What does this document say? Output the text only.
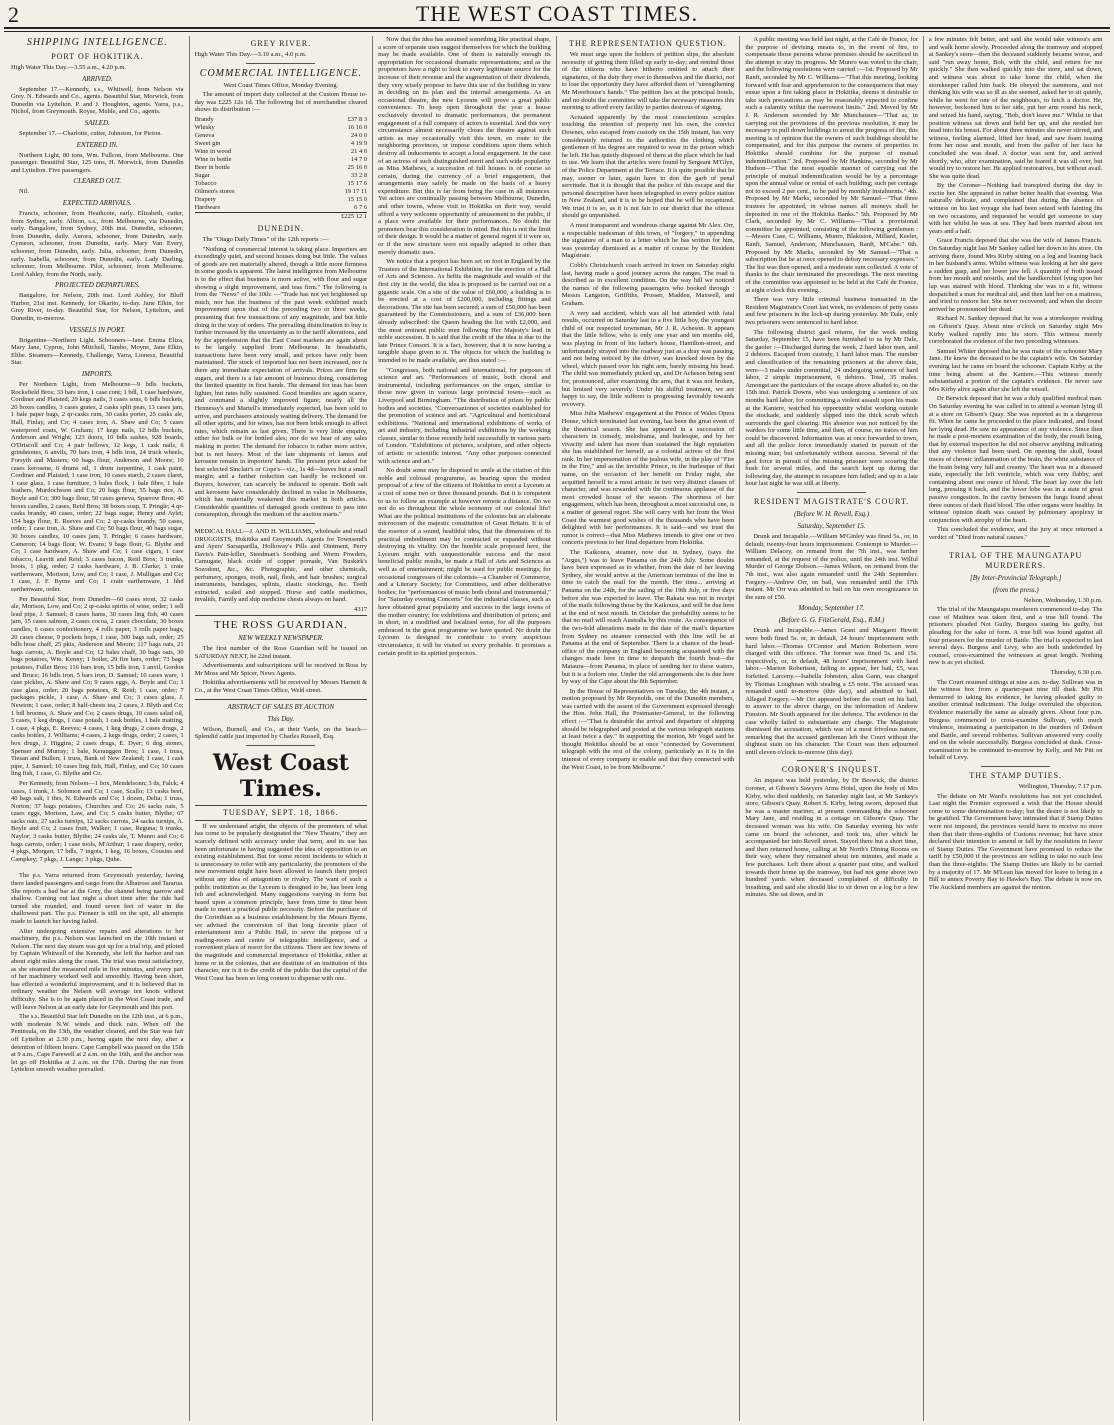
2	THE WEST COAST TIMES.
SHIPPING INTELLIGENCE.
PORT OF HOKITIKA.

High Water This Day.—3.55 a.m., 4.20 p.m.

ARRIVED.

September 17.—Kennedy, s.s., Whitwell, from Nelson via Grey. N. Edwards and Co., agents. Beautiful Star, Morwick, from Dunedin via Lyttelton. P. and J. Houghton, agents. Yarra, p.s., Nichol, from Greymouth. Royse, Muhle, and Co., agents.

SAILED.

September 17.—Charlotte, cutter, Johnston, for Picton.

ENTERED IN.

Northern Light, 80 tons, Wm. Fullcon, from Melbourne. One passenger. Beautiful Star, 125 tons, H. Morwick, from Dunedin and Lyttelton. Five passengers.

CLEARED OUT.

Nil.

EXPECTED ARRIVALS.

Francis, schooner, from Heathcote, early. Elizabeth, cutter, from Sydney, early. Albion, s.s., from Melbourne, via Dunedin, early. Bangalore, from Sydney, 20th inst. Dunedin, schooner, from Dunedin, daily. Aurora, schooner, from Dunedin, early. Cymeon, schooner, from Dunedin, early. Mary Van Every, schooner, from Dunedin, early. Julia, schooner, from Dunedin, early. Isabella, schooner, from Dunedin, early. Lady Darling, schooner, from Melbourne. Pilot, schooner, from Melbourne. Lord Ashley, from the North, early.

PROJECTED DEPARTURES.

Bangalore, for Nelson, 20th inst. Lord Ashley, for Bluff Harbor, 21st inst. Kennedy, for Okarito, to-day. Jane Elkin, for Grey River, to-day. Beautiful Star, for Nelson, Lyttelton, and Dunedin, to-morrow.

VESSELS IN PORT.

Brigantine—Northern Light. Schooners—Jane. Emma Eliza, Mary Jane, Cyprus, John Mitchell, Tambo, Moyne, Jane Elkin, Elibe. Steamers—Kennedy, Challenge, Yarra, Lioness, Beautiful Star.

IMPORTS.

Per Northern Light, from Melbourne—9 bdls buckets, Rocksfield Bros; 33 bars iron, 1 case cont; 1 bdl, 1 case hardware, Cordiner and Plaisted; 20 kegs nails, 3 cases sons, 6 bdls buckets, 20 boxes candles, 3 cases grates, 2 casks split peas, 13 cases jam, 1 bale paper bags, 2 qr-casks rum, 30 casks porter, 25 casks ale, Hall, Finlay, and Co; 4 cases iron, A. Shaw and Co; 5 cases waterproof coats, W. Graham; 17 kegs nails, 12 bdls buckets, Anderson and Wright; 123 doors, 10 bdls sashes, 928 boards, O'Driscoll and Co; 4 pair bellows, 12 kegs, 1 cask nails, 6 grindstones, 6 anvils, 70 bars iron, 4 bdls iron, 24 truck wheels, Forsyth and Masters; 60 bags flour, Anderson and Moore; 10 cases kerosene, 6 drums oil, 1 drum turpentine, 1 cask paint, Cordiner and Plaisted; 1 case iron, 10 cases starch, 2 cases claret, 1 case glass, 1 case furniture, 3 bales flock, 1 bale fibre, 1 bale feathers, Murdochsson and Co; 20 bags flour, 55 bags rice, A. Boyle and Co; 300 bags flour, 50 cases geneva, Sparrow Bros; 40 boxes candles, 2 cases, Reid Bros; 38 boxes soap, T. Pringle; 4 qr-casks brandy, 40 cases, order; 22 bags sugar, Henry and Aylet; 154 bags flour, E. Reeves and Co; 2 qr-casks brandy, 50 cases, order; 1 case iron, A. Shaw and Co; 50 bags flour, 40 bags sugar, 30 boxes candles, 10 cases jam, T. Pringle; 6 cases hardware, Cameron; 14 bags flour, W. Evans; 9 bags flour, G. Blythe and Co; 1 case hardware, A. Shaw and Co; 1 case cigars, 1 case tobacco, Leavitt and Reid; 3 cases bacon, Reid Bros; 3 trunks, boots, 1 pkg, order; 2 casks hardware, J. B. Clarke; 1 crate earthenware, Morison, Low, and Co; 1 case, J. Mulligan and Co; 1 case, J. F. Byrne and Co; 1 crate earthenware, 1 hhd earthenware, order.

Per Beautiful Star, from Dunedin—60 cases stout, 32 casks ale, Morison, Low, and Co; 2 qr-casks spirits of wine, order; 1 sell lead pipe, J. Samuel; 8 cases hams, 30 cases ling fish, 40 cases jam, 15 cases salmon, 2 cases cocoa, 2 cases chocolate, 30 boxes candles, 6 cases confectionery, 4 rolls paper, 3 rolls paper bags, 20 cases cheese, 9 pockets hops, 1 case, 300 bags salt, order; 25 bdls hose chaff, 25 pkts, Anderson and Moore; 117 bags oats, 21 bags carrots, A. Boyle and Co; 12 bales chaff, 30 bags oats, 30 bags potatoes, Wm. Kenny; 1 boiler, 29 fire bars, order; 73 bags potatoes, Fuller Bros; 116 bars iron, 15 bdls iron, 1 anvil, Gordon and Bruce; 16 bdls iron, 5 bars iron, D. Samuel; 10 cases ware, 1 case pickles, A. Shaw and Co; 9 cases eggs, A. Boyle and Co; 1 case glass, order; 20 bags potatoes, R. Reid; 1 case, order; 7 packages pickle, 1 case, A. Shaw and Co; 3 cases glass, J. Newton; 1 case, order; 8 half-chests tea, 2 cases, J. Blyth and Co; 1 bdl brooms, A. Shaw and Co; 2 cases drugs, 10 cases salad oil, 5 cases, 1 keg drugs, 1 case potash, 1 cask bottles, 1 bale matting, 1 case, 4 pkgs, E. Reeves; 4 cases, 1 keg drugs, 2 cases drugs, 2 casks bottles, J. Williams; 4 cases, 2 kegs drugs, order; 2 cases, 1 box drugs, J. Higgins; 2 cases drugs, E. Dyer; 6 dog stones, Spenser and Murray; 1 bale, Kerauggen Bros; 1 case, 1 truss, Tiesan and Bullen; 1 truss, Bank of New Zealand; 1 case, 1 cask pipe, J. Samuel; 10 cases ling fish, Hall, Finlay, and Co; 10 cases ling fish, 1 case, G. Blythe and Co.

Per Kennedy, from Nelson—1 box, Mendelsonn; 3 ds, Falck; 4 cases, 1 trunk, J. Solomon and Co; 1 case, Scallo; 13 casks beef, 40 bags salt, 1 thrs, N. Edwards and Co; 1 dozen, Delta; 1 truss, Norton; 37 bags potatoes, Churches and Co; 26 sacks oats, 5 cases eggs, Morison, Law, and Co; 5 casks butter, Blythe; 67 sacks oats, 27 sacks turnips, 12 sacks carrots, 24 sacks turnips, A. Boyle and Co; 2 cases fruit, Walker; 1 case, Reguna; 9 trunks, Naylor; 3 casks butter, Blythe; 24 casks ale, T. Munro and Co; 6 bags carrots, order; 1 case tools, M'Arthur; 1 case drapery, order; 4 pkgs, Morgan; 17 bdls, 7 ingots, 1 keg, 16 boxes, Cousins and Campkey; 7 pkgs, J. Lange; 3 pkgs, Quhe.

The p.s. Yarra returned from Greymouth yesterday, having there landed passengers and cargo from the Albatross and Tararua. She reports a bad bar at the Grey, the channel being narrow and shallow. Coming out last night a short time after the tide had turned she rounded, and found seven feet of water in the shallowest part. The p.s. Pioneer is still on the spit, all attempts made to launch her having failed.

After undergoing extensive repairs and alterations to her machinery, the p.s. Nelson was launched on the 10th instant at Nelson. The next day steam was got up for a trial trip, and piloted by Captain Whitwell of the Kennedy, she left the harbor and ran about eight miles along the coast. The trial was most satisfactory, as she steamed the measured mile in five minutes, and every part of her machinery worked well and smoothly. Having been short, has effected a wonderful improvement, and it is believed that in ordinary weather the Nelson will average ten knots without difficulty. She is to be again placed in the West Coast trade, and will leave Nelson at an early date for Greymouth and this port.

The s.s. Beautiful Star left Dunedin on the 12th inst., at 6 p.m., with moderate N.W. winds and thick rain. When off the Peninsula, on the 13th, the weather cleared, and the Star was fair off Lyttelton at 2.30 p.m., having again the next day, after a detention of fifteen hours. Cape Campbell was passed on the 15th at 9 a.m., Cape Farewell at 2 a.m. on the 16th, and the anchor was let go off Hokitika at 2 a.m. on the 17th. During the run from Lyttelton smooth weather prevailed.

GREY RIVER.

High Water This Day.—3.10 a.m., 4.0 p.m.

COMMERCIAL INTELLIGENCE.

West Coast Times Office, Monday Evening.

The amount of import duty collected at the Custom House to-day was £225 12s 1d. The following list of merchandise cleared shows its distribution :—

Brandy	£37 8 3
Whisky	16 16 0
Geneva	24 0 0
Sweet gin	4 19 9
Wine in wood	21 4 0
Wine in bottle	14 7 0
Beer in bottle	25 16 0
Sugar	33 2 8
Tobacco	15 17 6
Oilmen's stores	19 17 11
Drapery	15 15 0
Hardware	6 7 6
	£225 12 1
DUNEDIN.

The "Otago Daily Times" of the 12th reports :—

"Nothing of commercial interest is taking place. Importers are exceedingly quiet, and second houses doing but little. The values of goods are not materially altered, though a little more firmness in some goods is apparent. The latest intelligence from Melbourne is to the effect that business is more active, with flour and sugar showing a slight improvement, and teas firm." The following is from the "News" of the 10th: —"Trade has not yet brightened up much, nor has the business of the past week exhibited much improvement upon that of the preceding two or three weeks, presuming that few transactions of any magnitude, and but little doing in the way of orders. The prevailing disinclination to buy is further increased by the uncertainty as to the tariff alterations, and by the apprehension that the East Coast markets are again about to be largely supplied from Melbourne. In breadstuffs, transactions have been very small, and prices have only been maintained. The stock of imported has not been increased, nor is there any immediate expectation of arrivals. Prices are firm for sugars, and there is a fair amount of business doing, considering the limited quantity in first hands. The demand for teas has been lighter, but rates fully sustained. Good brandies are again scarce, and command a slightly improved figure; nearly all the Hennessy's and Martell's immediately expected, has been sold to arrive, and purchasers anxiously waiting delivery. The demand for all other spirits, and for wines, has not been brisk enough to affect rates, which remain as last given. There is very little enquiry, either for bulk or for bottled ales; nor do we hear of any sales making in porter. The demand for tobacco is rather more active, but is not heavy. Most of the late shipments of lamos and kerosene remain in importers' hands. The present price asked for best selected Sinclair's or Cope's—viz., 1s 4d—leaves but a small margin; and a further reduction can hardly be reckoned on. Buyers, however, can scarcely be induced to operate. Both salt and kerosene have considerably declined in value in Melbourne, which has materially weakened this market in both articles. Considerable quantities of damaged goods continue to pass into consumption, through the medium of the auction marts."

MEDICAL HALL—J. AND H. WILLIAMS, wholesale and retail DRUGGISTS, Hokitika and Greymouth. Agents for Townsend's and Ayers' Sarsaparilla, Holloway's Pills and Ointment, Perry Davis's Pain-killer, Steedman's Soothing and Worm Powders, Camugate, black oxide of copper pomade, Van Buskirk's Sozodont, &c., &c. Photographic, and other chemicals, perfumery, sponges, tooth, nail, flesh, and hair brushes; surgical instruments, bandages, splints, elastic stockings, &c. Teeth extracted, scaled and stopped. Horse and cattle medicines, invalids, Family and ship medicine chests always on hand.

4317

THE ROSS GUARDIAN.
NEW WEEKLY NEWSPAPER.

The first number of the Ross Guardian will be issued on SATURDAY NEXT, he 22nd instant.

Advertisements and subscriptions will be received in Ross by Mr Moss and Mr Spicer, News Agents.

Hokitika advertisements will be received by Messrs Harnett & Co., at the West Coast Times Office, Weld street.

ABSTRACT OF SALES BY AUCTION
This Day.

Wilson, Burnell, and Co., at their Yards, on the beach—Splendid cattle just imported by Charles Russell, Esq.

West Coast Times.
TUESDAY, SEPT. 18, 1866.

If we understand aright, the objects of the promoters of what has come to be popularly designated the "New Theatre," they are scarcely defined with accuracy under that term, and its use has been unfortunate in having suggested the idea of opposition to an existing establishment. But for some recent incidents to which it is unnecessary to refer with any particularity, the promoters of the new movement might have been allowed to launch their project without any idea of antagonism or rivalry. The want of such a public institution as the Lyceum is designed to be, has been long felt and acknowledged. Many suggestions varying in form but based upon a common principle, have from time to time been made to meet a practical public necessity. Before the purchase of the Corinthian as a business establishment by the Messrs Byrne, we advised the conversion of that long favorite place of entertainment into a Public Hall, to serve the purpose of a reading-room and centre of telegraphic intelligence, and a convenient place of resort for the citizens. There are few towns of the magnitude and commercial importance of Hokitika, either at home or in the colonies, that are destitute of an institution of this character, nor is it to the credit of the public that the capital of the West Coast has been so long content to dispense with one.

Now that the idea has assumed something like practical shape, a score of separate uses suggest themselves for which the building may be made available. One of them is naturally enough its appropriation for occasional dramatic representations; and as the proprietors have a right to look to every legitimate source for the increase of their revenue and the augmentation of their dividends, they very wisely propose to have this use of the building in view in deciding on its plan and the internal arrangements. As an occasional theatre, the new Lyceum will prove a great public convenience. To keep open throughout the year a house exclusively devoted to dramatic performances, the permanent engagement of a full company of actors is essential. And this very circumstance almost necessarily closes the theatre against such artists as may occasionally visit this town, en route to the neighboring provinces, or impose conditions upon them which destroy all inducements to accept a local engagement. In the case of an actress of such distinguished merit and such wide popularity as Miss Mathews, a succession of full houses is of course so certain, during the currency of a brief engagement, that arrangements may safely be made on the basis of a heavy expenditure. But this is far from being the case in all instances. Yet actors are continually passing between Melbourne, Dunedin, and other towns, whose visit to Hokitika on their way, would afford a very welcome opportunity of amusement to the public, if a place were available for their performances. No doubt the promoters bear this consideration in mind. But this is not the limit of their design. It would be a matter of general regret if it were so, or if the new structure were not equally adapted to other than merely dramatic uses.

We notice that a project has been set on foot in England by the Trustees of the International Exhibition, for the erection of a Hall of Arts and Sciences. As befits the magnitude and wealth of the first city in the world, the idea is proposed to be carried out on a gigantic scale. On a site of the value of £60,000, a building is to be erected at a cost of £200,000, including fittings and decorations. The site has been secured; a sum of £50,000 has been guaranteed by the Commissioners, and a sum of £36,000 been already subscribed: the Queen heading the list with £2,000, and the most eminent public men following Her Majesty's lead in noble succession. It is said that the credit of the idea is due to the late Prince Consort. It is a fact, however, that it is now having a tangible shape given to it. The objects for which the building is intended to be made available, are thus stated :—

"Congresses, both national and international, for purposes of science and art. "Performances of music, both choral and instrumental, including performances on the organ, similar to those now given in various large provincial towns—such as Liverpool and Birmingham. "The distribution of prizes by public bodies and societies. "Conversaziones of societies established for the promotion of science and art. "Agricultural and horticultural exhibitions. "National and international exhibitions of works of art and industry, including industrial exhibitions by the working classes, similar to those recently held successfully in various parts of London. "Exhibitions of pictures, sculpture, and other objects of artistic or scientific interest. "Any other purposes connected with science and art."

No doubt some may be disposed to smile at the citation of this noble and colossal programme, as bearing upon the modest proposal of a few of the citizens of Hokitika to erect a Lyceum at a cost of some two or three thousand pounds. But it is competent to us to follow an example at however remote a distance. Do we not do so throughout the whole economy of our colonial life? What are the political institutions of the colonies but an elaborate microcosm of the majestic constitution of Great Britain. It is of the essence of a sound, healthful idea, that the dimensions of its practical embodiment may be contracted or expanded without destroying its vitality. On the humble scale proposed here, the Lyceum might with unquestionable success and the most beneficial public results, be made a Hall of Arts and Sciences as well as of entertainment; might be used for public meetings; for occasional congresses of the colonists—a Chamber of Commerce, and a Literary Society; for Committees, and other deliberative bodies; for "performances of music both choral and instrumental," for "Saturday evening Concerts" for the industrial classes, such as have obtained great popularity and success in the large towns of the mother country; for exhibitions and distribution of prizes; and in short, in a modified and localised sense, for all the purposes embraced in the great programme we have quoted. No doubt the Lyceum is designed to contribute to every auspicious circumstance, it will be visited so every probable. It promises a certain profit to its spirited projectors.

THE REPRESENTATION QUESTION.

We must urge upon the holders of petition slips, the absolute necessity of getting them filled up early to-day; and remind those of the citizens who have hitherto omitted to attach their signatures, of the duty they owe to themselves and the district, not to lose the opportunity they have afforded them of "strengthening Mr Moorhouse's hands." The petition lies at the principal hotels, and no doubt the committee will take the necessary measures this morning to afford every facility to parties desirous of signing.

Actuated apparently by the most conscientious scruples touching the retention of property not his own, the convict Downes, who escaped from custody on the 15th instant, has very considerately returned to the authorities the clothing which gentlemen of his degree are required to wear in the prison which he left. He has quietly disposed of them at the place which he had to use. We learn that the articles were found by Sergeant M'Glyn, of the Police Department at the Terrace. It is quite possible that he may, sooner or later, again have to don the garb of penal servitude. But it is thought that the police of this escape and the personal description have been telegraphed to every police station in New Zealand, and it is to be hoped that he will be recaptured. We trust it is so, as it is not fair to our district that the offence should go unpunished.

A most transparent and wondrous charge against Mr Alex. Orr, a respectable tradesman of this town, of "forgery," in appending the signature of a man to a letter which he has written for him, was yesterday dismissed as a matter of course by the Resident Magistrate.

Cobb's Christchurch coach arrived in town on Saturday night last, having made a good journey across the ranges. The road is described as in excellent condition. On the way hill we noticed the names of the following passengers who booked through : Messrs Langston, Griffiths, Prosser, Madden, Maxwell, and Graham.

A very sad accident, which was all but attended with fatal results, occurred on Saturday last to a five little boy, the youngest child of our respected townsman, Mr J. R. Acheson. It appears that the little fellow, who is only one year and ten months old, was playing in front of his father's house, Hamilton-street, and unfortunately strayed into the roadway just as a dray was passing, and not being noticed by the driver, was knocked down by the wheel, which passed over his right arm, barely missing his head. The child was immediately picked up, and Dr Acheson being sent for, pronounced, after examining the arm, that it was not broken, but bruised very severely. Under his skilful treatment, we are happy to say, the little sufferer is progressing favorably towards recovery.

Miss Julia Mathews' engagement at the Prince of Wales Opera House, which terminated last evening, has been the great event of the theatrical season. She has appeared in a succession of characters in comedy, melodrama, and burlesque, and by her vivacity and talent has more than sustained the high reputation she has established for herself, as a colonial actress of the first rank. In her impersonation of the jealous wife, in the play of "Fire in the Fire," and as the invisible Prince, in the burlesque of that name, on the occasion of her benefit on Friday night, she acquitted herself to a most artistic in two very distinct classes of character, and was rewarded with the continuous applause of the most crowded house of the season. The shortness of her engagement, which has been, throughout a most successful one, is a matter of general regret. She will carry with her from the West Coast the warmest good wishes of the thousands who have been delighted with her performances. It is said—and we trust the rumor is correct—that Miss Mathews intends to give one or two concerts previous to her final departure from Hokitika.

The Kaikoura, steamer, now due in Sydney, (says the "Argus,") was to leave Panama on the 24th July. Some doubts have been expressed as to whether, from the date of her leaving Sydney, she would arrive at the American terminus of the line in time to catch the mail for the month. Her time... arriving at Panama on the 24th, for the sailing of the 19th July, or five days before she was expected to leave. The Rakaia was not in receipt of the mails following those by the Kaikoura, and will be due here at the end of next month. In October the probability seems to be that no mail will reach Australia by this route. As consequence of the two-fold alterations made in the date of the mail's departure from Sydney no steamer connected with this line will be at Panama at the end of September. There is a chance of the head-office of the company in England becoming acquainted with the changes made here in time to despatch the fourth boat—the Mataura—from Panama, in place of sending her to these waters, but it is a forlorn one. Under the old arrangements she is due here by way of the Cape about the 8th September.

In the House of Representatives on Tuesday, the 4th instant, a motion proposed by Mr Reynolds, one of the Dunedin members, was carried with the assent of the Government expressed through the Hon. John Hall, the Postmaster-General, to the following effect :—"That is desirable the arrival and departure of shipping should be telegraphed and posted at the various telegraph stations at least twice a day." In supporting the motion, Mr Vogel said he thought Hokitika should be at once "connected by Government telegraph with the rest of the colony, particularly as it is in the interest of every company to enable and that they connected with the West Coast, to be from Melbourne."

A public meeting was held last night, at the Café de France, for the purpose of devising means to, in the event of fire, to compensate those persons whose premises should be sacrificed in the attempt to stay its progress. Mr Munro was voted to the chair, and the following resolutions were carried :—1st. Proposed by Mr Ranft, seconded by Mr C. Williams—"That this meeting, looking forward with fear and apprehension to the consequences that may ensue upon a fire taking place in Hokitika, deems it desirable to take such precautions as may be reasonably expected to confine such a calamity within the narrowest limits." 2nd. Moved by Mr J. R. Anderson seconded by Mr Munchausen—"That as, in carrying out the provisions of the previous resolution, it may be necessary to pull down buildings to arrest the progress of fire, this meeting is of opinion that the owners of such buildings should be compensated, and for this purpose the owners of properties in Hokitika should combine for the purpose of mutual indemnification." 3rd. Proposed by Mr Hankins, seconded by Mr Hudson—"That the most equable manner of carrying out the principle of mutual indemnification would be by a percentage upon the annual value or rental of each building; such per centage not to exceed 2 per cent., to be paid by monthly instalments." 4th. Proposed by Mr Marks, seconded by Mr Samuel—"That three trustees be appointed, in whose names all moneys shall be deposited in one of the Hokitika Banks." 5th. Proposed by Mr Clark, seconded by Mr C. Williams—"That a provisional committee be appointed, consisting of the following gentlemen :—Messrs Case, C. Williams, Munro, Blakiston, Millard, Keeler, Ranft, Samuel, Anderson, Munchausen, Ranft, M'Cabe." 6th. Proposed by Mr Marks, seconded by Mr Samuel—"That a subscription list be at once opened to defray necessary expenses." The list was then opened, and a moderate sum collected. A vote of thanks to the chair terminated the proceedings. The next meeting of the committee was appointed to be held at the Café de France, at eight o'clock this evening.

There was very little criminal business transacted in the Resident Magistrate's Court last week, no evidences of petty cases and few prisoners in the lock-up during yesterday. Mr Dale, only two prisoners were sentenced to hard labor.

The following district gaol returns, for the week ending Saturday, September 15, have been furnished to us by Mr Dale, the gaoler :—Discharged during the week, 2 hard labor men, and 2 debtors. Escaped from custody, 1 hard labor man. The number and classification of the remaining prisoners at the above date, were—3 males under committal, 24 undergoing sentence of hard labor, 2 simple imprisonment, 6 debtors. Total, 35 males. Amongst are the particulars of the escape above alluded to, on the 15th inst. Patrick Downs, who was undergoing a sentence of six months hard labor, for committing a violent assault upon his mate at the Kaniere, watched his opportunity whilst working outside the stockade, and suddenly slipped into the thick scrub which surrounds the gaol clearing. His absence was not noticed by the warders for some little time, and then, of course, no traces of him could be discovered. Information was at once forwarded to town, and all the police force immediately started in pursuit of the missing man; but unfortunately without success. Several of the gaol force in pursuit of the missing prisoner were scouring the bush for several miles, and the search kept up during the following day, the attempt to recapture him failed; and up to a late hour last night he was still at liberty.

RESIDENT MAGISTRATE'S COURT.
(Before W. H. Revell, Esq.)
Saturday, September 15.

Drunk and Incapable.—William M'Ginley was fined 5s., or, in default, twenty-four hours imprisonment. Contempt to Murder.—William Delacey, on remand from the 7th inst., was further remanded, at the request of the police, until the 24th inst. Wilful Murder of George Dobson.—James Wilson, on remand from the 7th inst., was also again remanded until the 24th September. Forgery.—Andrew Orr, on bail, was remanded until the 17th instant. Mr Orr was admitted to bail on his own recognizance in the sum of £50.

Monday, September 17.
(Before G. G. FitzGerald, Esq., R.M.)

Drunk and Incapable.—James Grant and Margaret Hewitt were both fined 5s. or, in default, 24 hours' imprisonment with hard labor.—Thomas O'Connor and Marion Robertson were charged with this offence. The former was fined 5s. and 15s. respectively, or, in default, 48 hours' imprisonment with hard labor.—Marion Robertson, failing to appear, her bail, £5, was forfeited. Larceny.—Isabella Johnston, alias Gann, was charged by Thomas Loughnan with stealing a £5 note. The accused was remanded until to-morrow (this day), and admitted to bail. Alleged Forgery.—Mr Orr appeared before the court on his bail, to answer to the above charge, on the information of Andrew Funston. Mr South appeared for the defence. The evidence in the case wholly failed to substantiate any charge. The Magistrate dismissed the accusation, which was of a most frivolous nature, remarking that the accused gentleman left the Court without the slightest stain on his character. The Court was then adjourned until eleven o'clock to-morrow (this day).

CORONER'S INQUEST.

An inquest was held yesterday, by Dr Beswick, the district coroner, at Gibson's Sawyers Arms Hotel, upon the body of Mrs Kirby, who died suddenly, on Saturday night last, at Mr Sankey's store, Gibson's Quay. Robert S. Kirby, being sworn, deposed that he was a master mariner, at present commanding the schooner Mary Jane, and residing in a cottage on Gibson's Quay. The deceased woman was his wife. On Saturday evening his wife came on board the schooner, and took tea, after which he accompanied her into Revell street. Stayed there but a short time, and then returned home, calling at Mr North's Dining Rooms on their way, where they remained about ten minutes, and made a few purchases. Left there about a quarter past nine, and walked towards their home up the tramway, but had not gone above two hundred yards when deceased complained of difficulty in breathing, and said she should like to sit down on a log for a few minutes. She sat down, and in

a few minutes felt better, and said she would take witness's arm and walk home slowly. Proceeded along the tramway and stopped at Sankey's store—then the deceased suddenly became worse, and said "run away home, Bob, with the child, and return for me quickly." She then walked quickly into the store, and sat down, and witness was about to take home the child, when the storekeeper called him back. He obeyed the summons, and not thinking his wife was so ill as she seemed, asked her to sit quietly, while he went for one of the neighbours, to fetch a doctor. He, however, beckoned him to her side, put her arm round his neck, and seized his hand, saying, "Bob, don't leave me." Whilst in that position witness sat down and held her up, and she nestled her head into his breast. For about three minutes she never stirred, and witness, feeling alarmed, lifted her head, and saw foam issuing from her nose and mouth, and from the pallor of her face he concluded she was dead. A doctor was sent for, and arrived shortly, who, after examination, said he feared it was all over, but would try to restore her. He applied restoratives, but without avail. She was quite dead.

By the Coroner—Nothing had transpired during the day to excite her. She appeared in rather better health that evening. Was naturally delicate, and complained that during the absence of witness on his last voyage she had been seized with fainting fits on two occasions, and requested he would get someone to stay with her whilst he was at sea. They had been married about ten years and a half.

Grace Francis deposed that she was the wife of James Francis. On Saturday night last Mr Sankey called her down to his store. On arriving there, found Mrs Kirby sitting on a log and leaning back in her husband's arms. Whilst witness was looking at her she gave a sudden gasp, and her lower jaw fell. A quantity of froth issued from her mouth and nostrils, and the handkerchief lying upon her lap was stained with blood. Thinking she was in a fit, witness despatched a man for medical aid, and then laid her on a mattress, and tried to restore her. She never recovered; and when the doctor arrived he pronounced her dead.

Richard N. Sankey deposed that he was a storekeeper residing on Gibson's Quay. About nine o'clock on Saturday night Mrs Kirby walked rapidly into his store. This witness merely corroborated the evidence of the two preceding witnesses.

Samuel Whiter deposed that he was mate of the schooner Mary Jane. He knew the deceased to be the captain's wife. On Saturday evening last he came on board the schooner. Captain Kirby at the time being absent at the Kaniere.—This witness merely substantiated a portion of the captain's evidence. He never saw Mrs Kirby alive again after she left the vessel.

Dr Berwick deposed that he was a duly qualified medical man. On Saturday evening he was called in to attend a woman lying ill at a store on Gibson's Quay. She was reported as in a dangerous fit. When he came he proceeded to the place indicated, and found her lying dead. He saw no appearance of any violence. Since then he made a post-mortem examination of the body, the result being, that by external inspection he did not observe anything indicating that any violence had been used. On opening the skull, found traces of chronic inflammation of the brain, the white substance of the brain being very full and creamy. The heart was in a diseased state, especially the left ventricle, which was very flabby, and containing about one ounce of blood. The heart lay over the left lung, pressing it back, and the lower lobe was in a state of great passive congestion. In the cavity between the lungs found about three ounces of dark fluid blood. The other organs were healthy. In witness' opinion death was caused by pulmonary apoplexy in conjunction with atrophy of the heart.

This concluded the evidence, and the jury at once returned a verdict of "Died from natural causes."

TRIAL OF THE MAUNGATAPU MURDERERS.
[By Inter-Provincial Telegraph.]
(from the press.)

Nelson, Wednesday, 1.30 p.m.

The trial of the Maungatapu murderers commenced to-day. The case of Mathieu was taken first, and a true bill found. The prisoners pleaded Not Guilty, Burgess stating his guilty, but pleading for the sake of form. A true bill was found against all four prisoners for the murder of Battle. The trial is expected to last several days. Burgess and Levy, who are both undefended by counsel, cross-examined the witnesses at great length. Nothing new is as yet elicited.

Thursday, 6.30 p.m.

The Court resumed sittings at nine a.m. to-day. Sullivan was in the witness box from a quarter-past nine till dusk. Mr Pitt demurred to taking his evidence, he having pleaded guilty to another criminal indictment. The Judge overruled the objection. Evidence materially the same as already given. About four p.m. Burgess commenced to cross-examine Sullivan, with much virulence, insinuating a participation in the murders of Dobson and Battle, and several robberies. Sullivan answered very coolly and on the whole successfully. Burgess concluded at dusk. Cross-examination to be continued to-morrow by Kelly, and Mr Pitt on behalf of Levy.

THE STAMP DUTIES.

Wellington, Thursday, 7.17 p.m.

The debate on Mr Ward's resolutions has not yet concluded. Last night the Premier expressed a wish that the House should come to some determination to-day; but the desire is not likely to be gratified. The Government have intimated that if Stamp Duties were not imposed, the provinces would have to receive no more than that their three-eighths of Customs revenue; but have since declared their intention to amend or fall by the resolution in favor of Stamp Duties. The Government have promised to reduce the tariff by £50,000 if the provinces are willing to take no such less than the three-eighths. The Stamp Duties are likely to be carried by a majority of 17. Mr M'Lean has moved for leave to bring in a Bill to annex Poverty Bay to Hawke's Bay. The debate is now on. The Auckland members are against the motion.
